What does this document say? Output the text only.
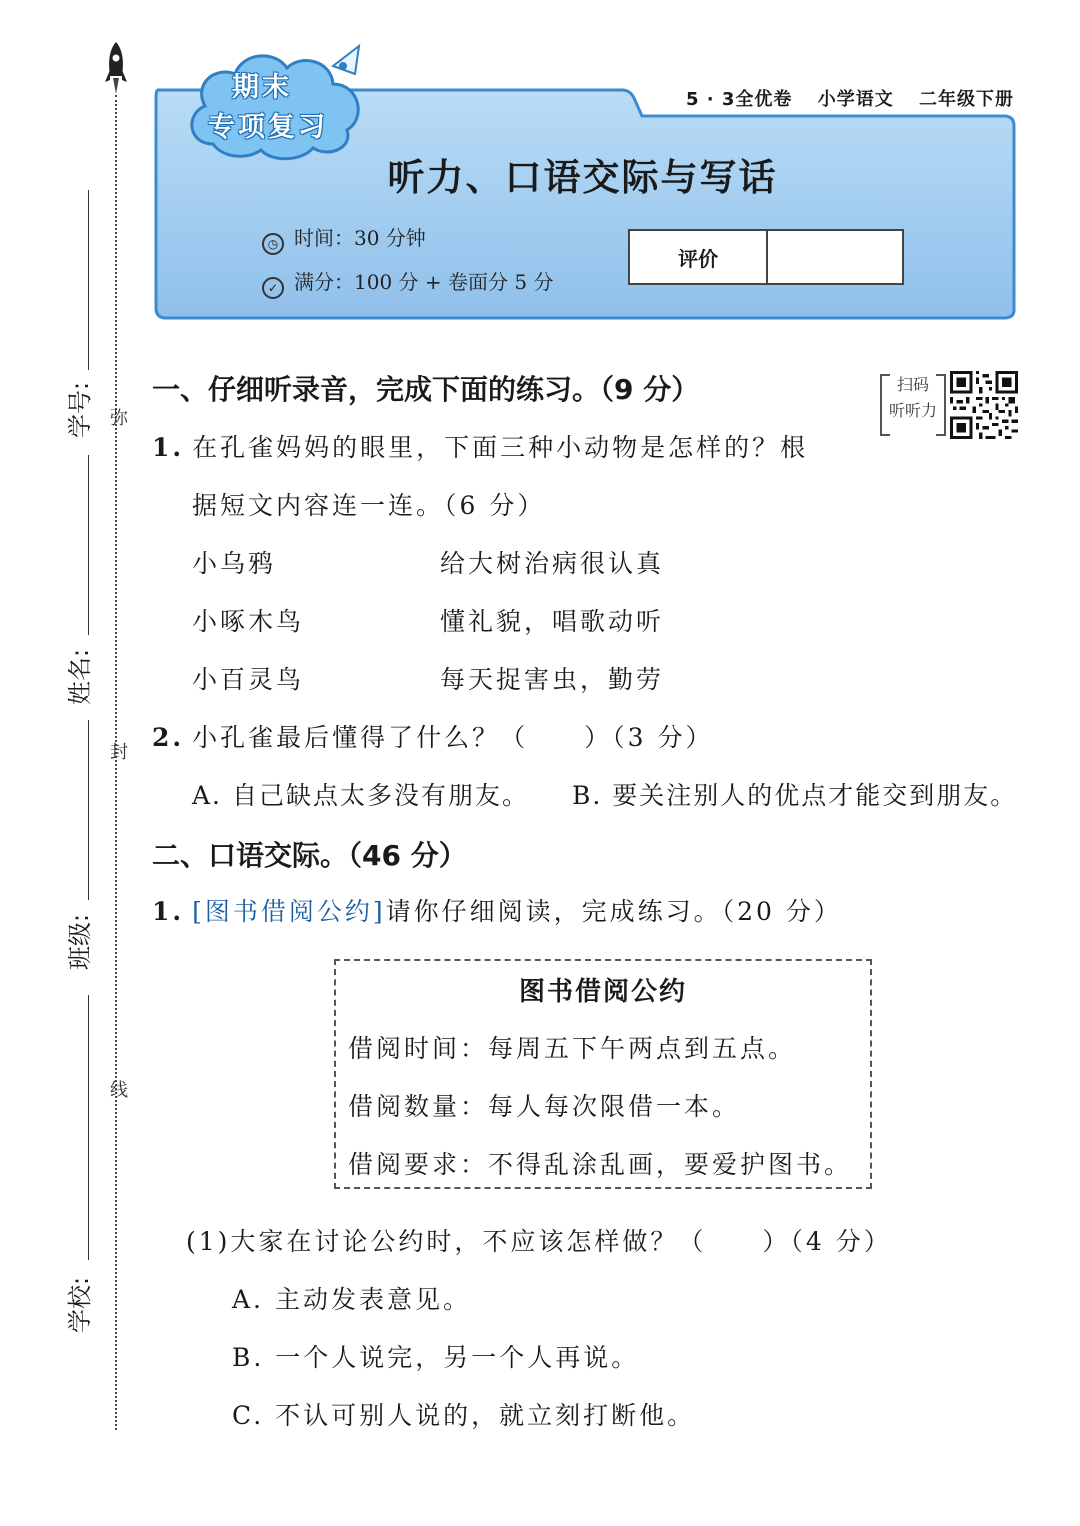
弥
封
线
学号:
姓名:
班级:
学校:
期末
专项复习
5 · 3全优卷 小学语文 二年级下册
听力、口语交际与写话
◷ 时间：30 分钟
✓ 满分：100 分 + 卷面分 5 分
评价
扫码
听听力
一、仔细听录音，完成下面的练习。（9 分）
1. 在孔雀妈妈的眼里，下面三种小动物是怎样的？根
据短文内容连一连。（6 分）
小乌鸦	给大树治病很认真
小啄木鸟	懂礼貌，唱歌动听
小百灵鸟	每天捉害虫，勤劳
2. 小孔雀最后懂得了什么？（　　）（3 分）
A. 自己缺点太多没有朋友。 B. 要关注别人的优点才能交到朋友。
二、口语交际。（46 分）
1. [图书借阅公约]请你仔细阅读，完成练习。（20 分）
图书借阅公约
借阅时间：每周五下午两点到五点。
借阅数量：每人每次限借一本。
借阅要求：不得乱涂乱画，要爱护图书。
(1)大家在讨论公约时，不应该怎样做？（　　）（4 分）
A. 主动发表意见。
B. 一个人说完，另一个人再说。
C. 不认可别人说的，就立刻打断他。
